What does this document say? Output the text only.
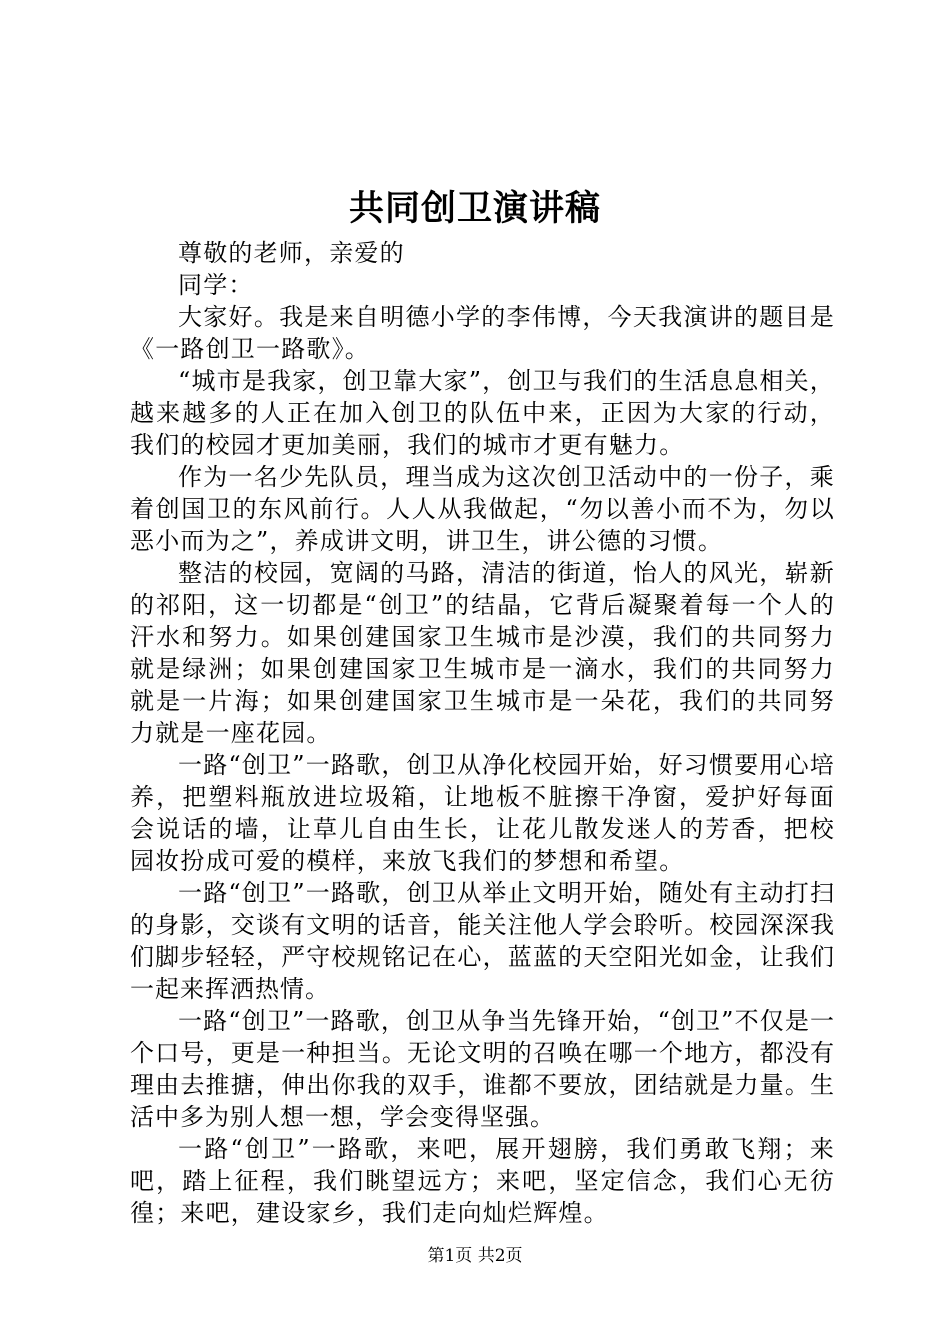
共同创卫演讲稿

尊敬的老师，亲爱的

同学：

大家好。我是来自明德小学的李伟博，今天我演讲的题目是《一路创卫一路歌》。

“城市是我家，创卫靠大家”，创卫与我们的生活息息相关，越来越多的人正在加入创卫的队伍中来，正因为大家的行动，我们的校园才更加美丽，我们的城市才更有魅力。

作为一名少先队员，理当成为这次创卫活动中的一份子，乘着创国卫的东风前行。人人从我做起，“勿以善小而不为，勿以恶小而为之”，养成讲文明，讲卫生，讲公德的习惯。

整洁的校园，宽阔的马路，清洁的街道，怡人的风光，崭新的祁阳，这一切都是“创卫”的结晶，它背后凝聚着每一个人的汗水和努力。如果创建国家卫生城市是沙漠，我们的共同努力就是绿洲；如果创建国家卫生城市是一滴水，我们的共同努力就是一片海；如果创建国家卫生城市是一朵花，我们的共同努力就是一座花园。

一路“创卫”一路歌，创卫从净化校园开始，好习惯要用心培养，把塑料瓶放进垃圾箱，让地板不脏擦干净窗，爱护好每面会说话的墙，让草儿自由生长，让花儿散发迷人的芳香，把校园妆扮成可爱的模样，来放飞我们的梦想和希望。

一路“创卫”一路歌，创卫从举止文明开始，随处有主动打扫的身影，交谈有文明的话音，能关注他人学会聆听。校园深深我们脚步轻轻，严守校规铭记在心，蓝蓝的天空阳光如金，让我们一起来挥洒热情。

一路“创卫”一路歌，创卫从争当先锋开始，“创卫”不仅是一个口号，更是一种担当。无论文明的召唤在哪一个地方，都没有理由去推搪，伸出你我的双手，谁都不要放，团结就是力量。生活中多为别人想一想，学会变得坚强。

一路“创卫”一路歌，来吧，展开翅膀，我们勇敢飞翔；来吧，踏上征程，我们眺望远方；来吧，坚定信念，我们心无彷徨；来吧，建设家乡，我们走向灿烂辉煌。

第1页 共2页
